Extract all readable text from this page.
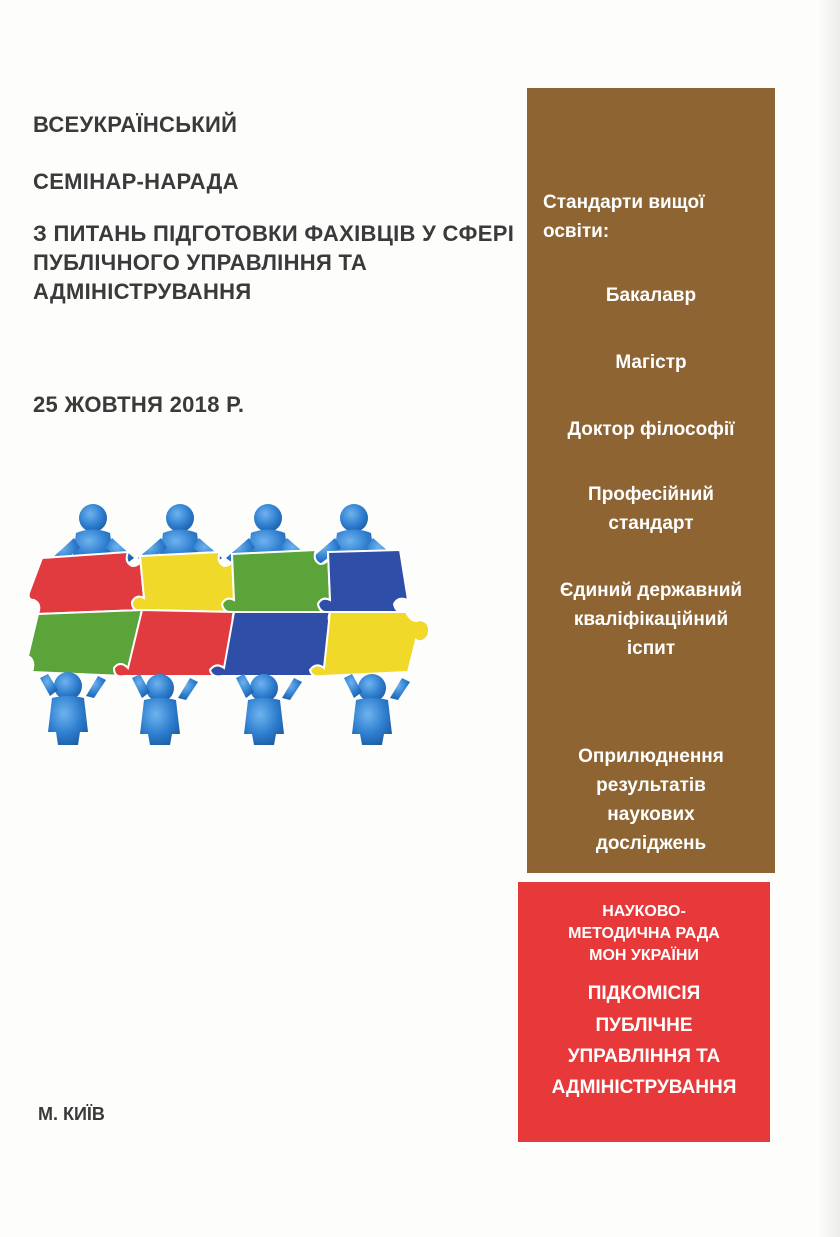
ВСЕУКРАЇНСЬКИЙ
СЕМІНАР-НАРАДА
З ПИТАНЬ ПІДГОТОВКИ ФАХІВЦІВ У СФЕРІ ПУБЛІЧНОГО УПРАВЛІННЯ ТА АДМІНІСТРУВАННЯ

25 ЖОВТНЯ 2018 Р.

Стандарти вищої освіти:

Бакалавр
Магістр
Доктор філософії
Професійний стандарт
Єдиний державний кваліфікаційний іспит
Оприлюднення результатів наукових досліджень

НАУКОВО-

МЕТОДИЧНА РАДА

МОН УКРАЇНИ

ПІДКОМІСІЯ

ПУБЛІЧНЕ УПРАВЛІННЯ ТА АДМІНІСТРУВАННЯ

М. КИЇВ
